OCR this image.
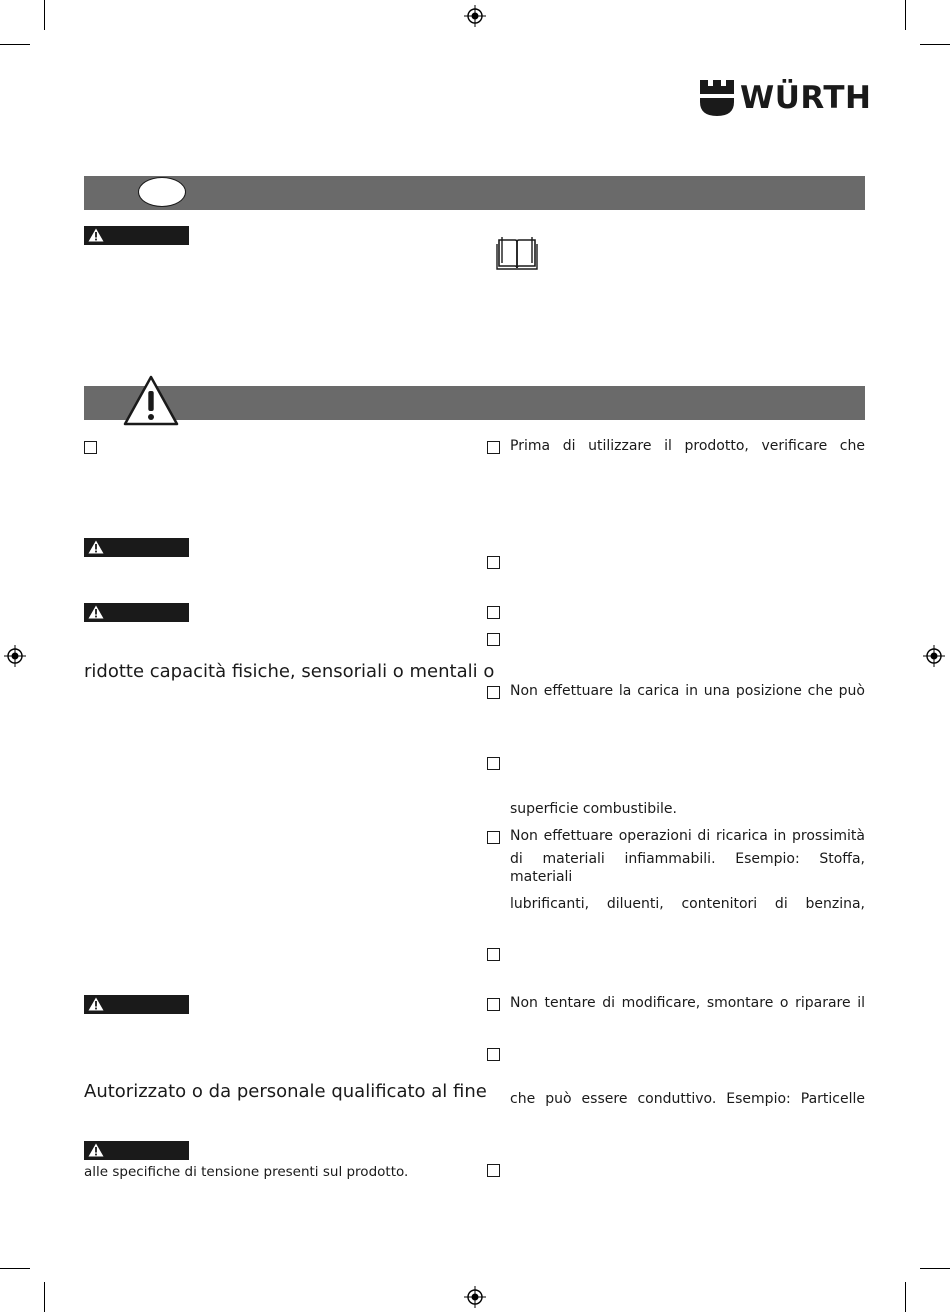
WÜRTH
ridotte capacità fisiche, sensoriali o mentali o
Autorizzato o da personale qualificato al fine
alle specifiche di tensione presenti sul prodotto.
Prima di utilizzare il prodotto, verificare che
Non effettuare la carica in una posizione che può
superficie combustibile.
Non effettuare operazioni di ricarica in prossimità
di materiali infiammabili. Esempio: Stoffa, materiali
lubrificanti, diluenti, contenitori di benzina,
Non tentare di modificare, smontare o riparare il
che può essere conduttivo. Esempio: Particelle
